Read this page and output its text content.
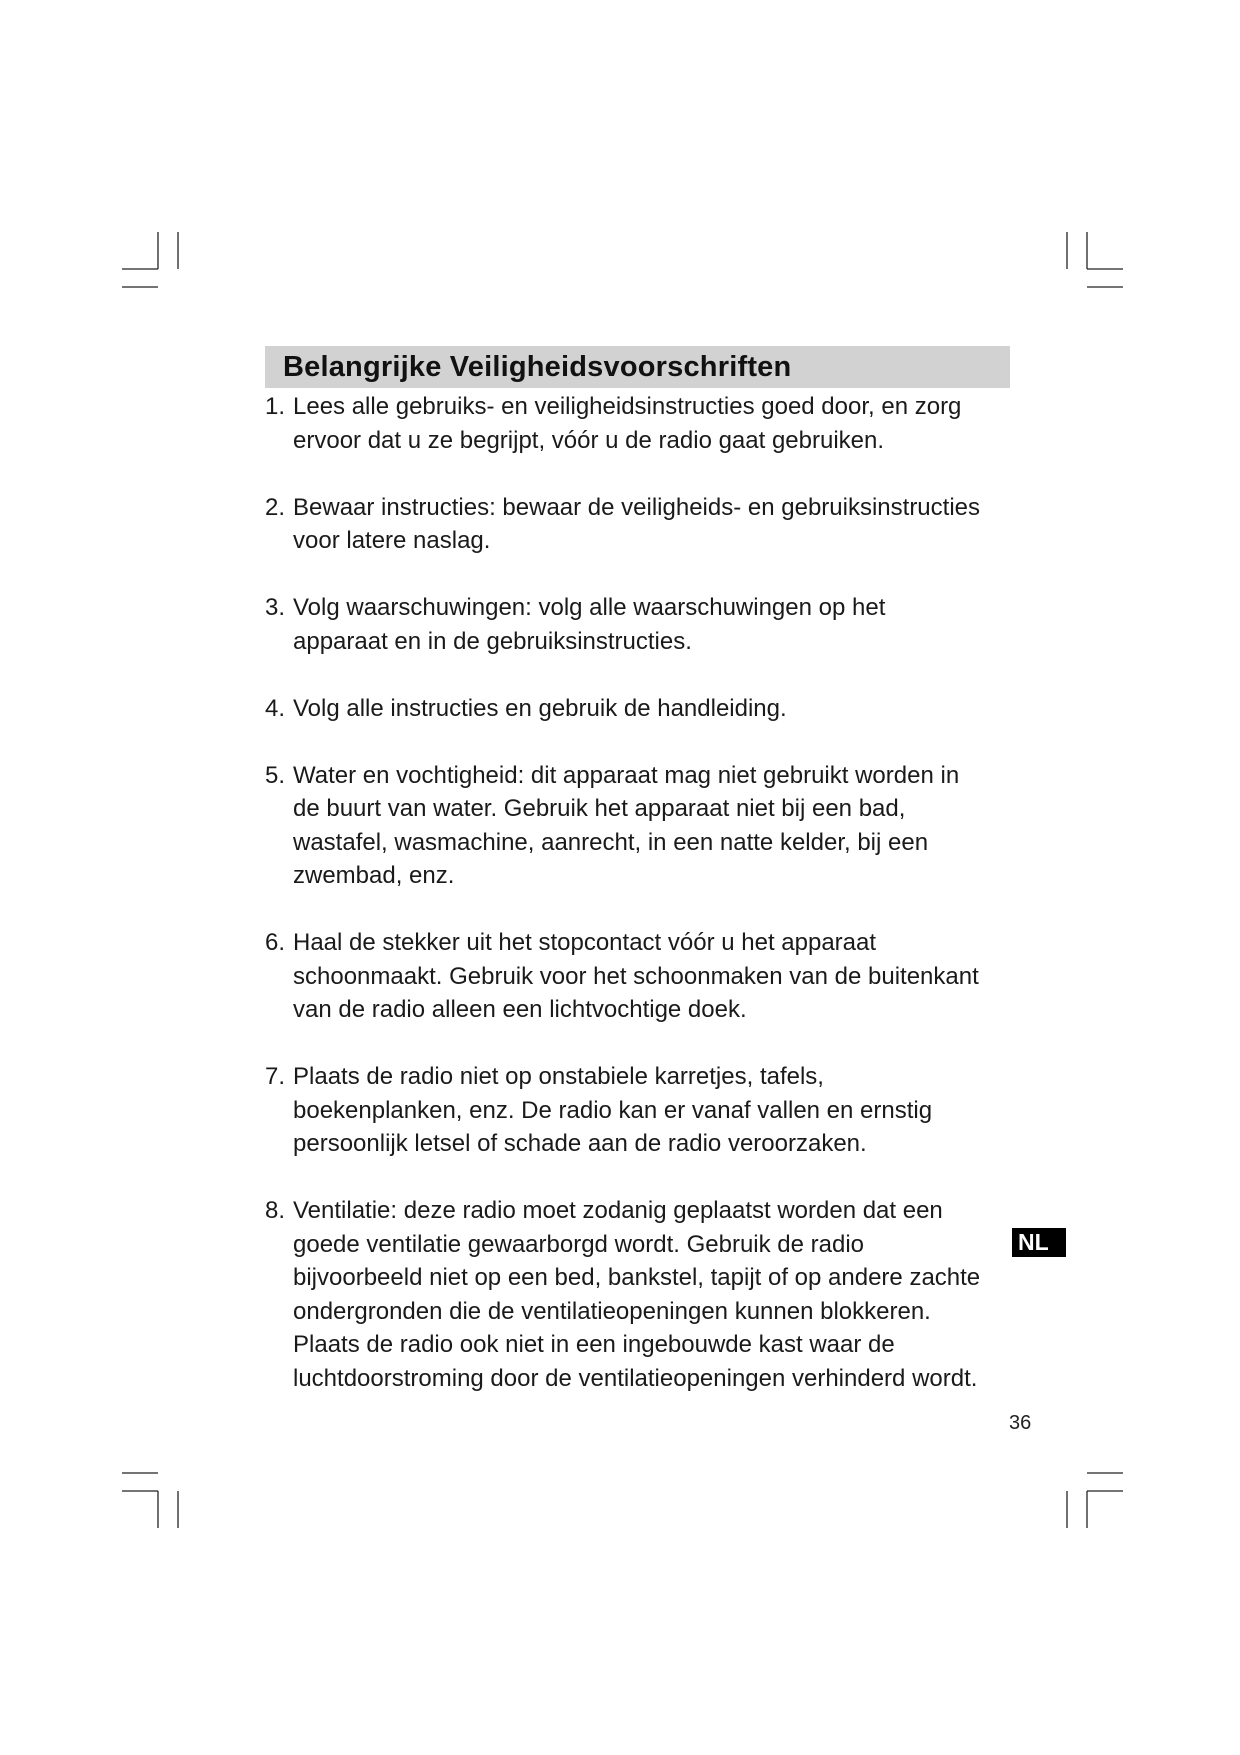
Belangrijke Veiligheidsvoorschriften
1. Lees alle gebruiks- en veiligheidsinstructies goed door, en zorg
ervoor dat u ze begrijpt, vóór u de radio gaat gebruiken.
2. Bewaar instructies: bewaar de veiligheids- en gebruiksinstructies
voor latere naslag.
3. Volg waarschuwingen: volg alle waarschuwingen op het
apparaat en in de gebruiksinstructies.
4. Volg alle instructies en gebruik de handleiding.
5. Water en vochtigheid: dit apparaat mag niet gebruikt worden in
de buurt van water. Gebruik het apparaat niet bij een bad,
wastafel, wasmachine, aanrecht, in een natte kelder, bij een
zwembad, enz.
6. Haal de stekker uit het stopcontact vóór u het apparaat
schoonmaakt. Gebruik voor het schoonmaken van de buitenkant
van de radio alleen een lichtvochtige doek.
7. Plaats de radio niet op onstabiele karretjes, tafels,
boekenplanken, enz. De radio kan er vanaf vallen en ernstig
persoonlijk letsel of schade aan de radio veroorzaken.
8. Ventilatie: deze radio moet zodanig geplaatst worden dat een
goede ventilatie gewaarborgd wordt. Gebruik de radio
bijvoorbeeld niet op een bed, bankstel, tapijt of op andere zachte
ondergronden die de ventilatieopeningen kunnen blokkeren.
Plaats de radio ook niet in een ingebouwde kast waar de
luchtdoorstroming door de ventilatieopeningen verhinderd wordt.
NL
36
